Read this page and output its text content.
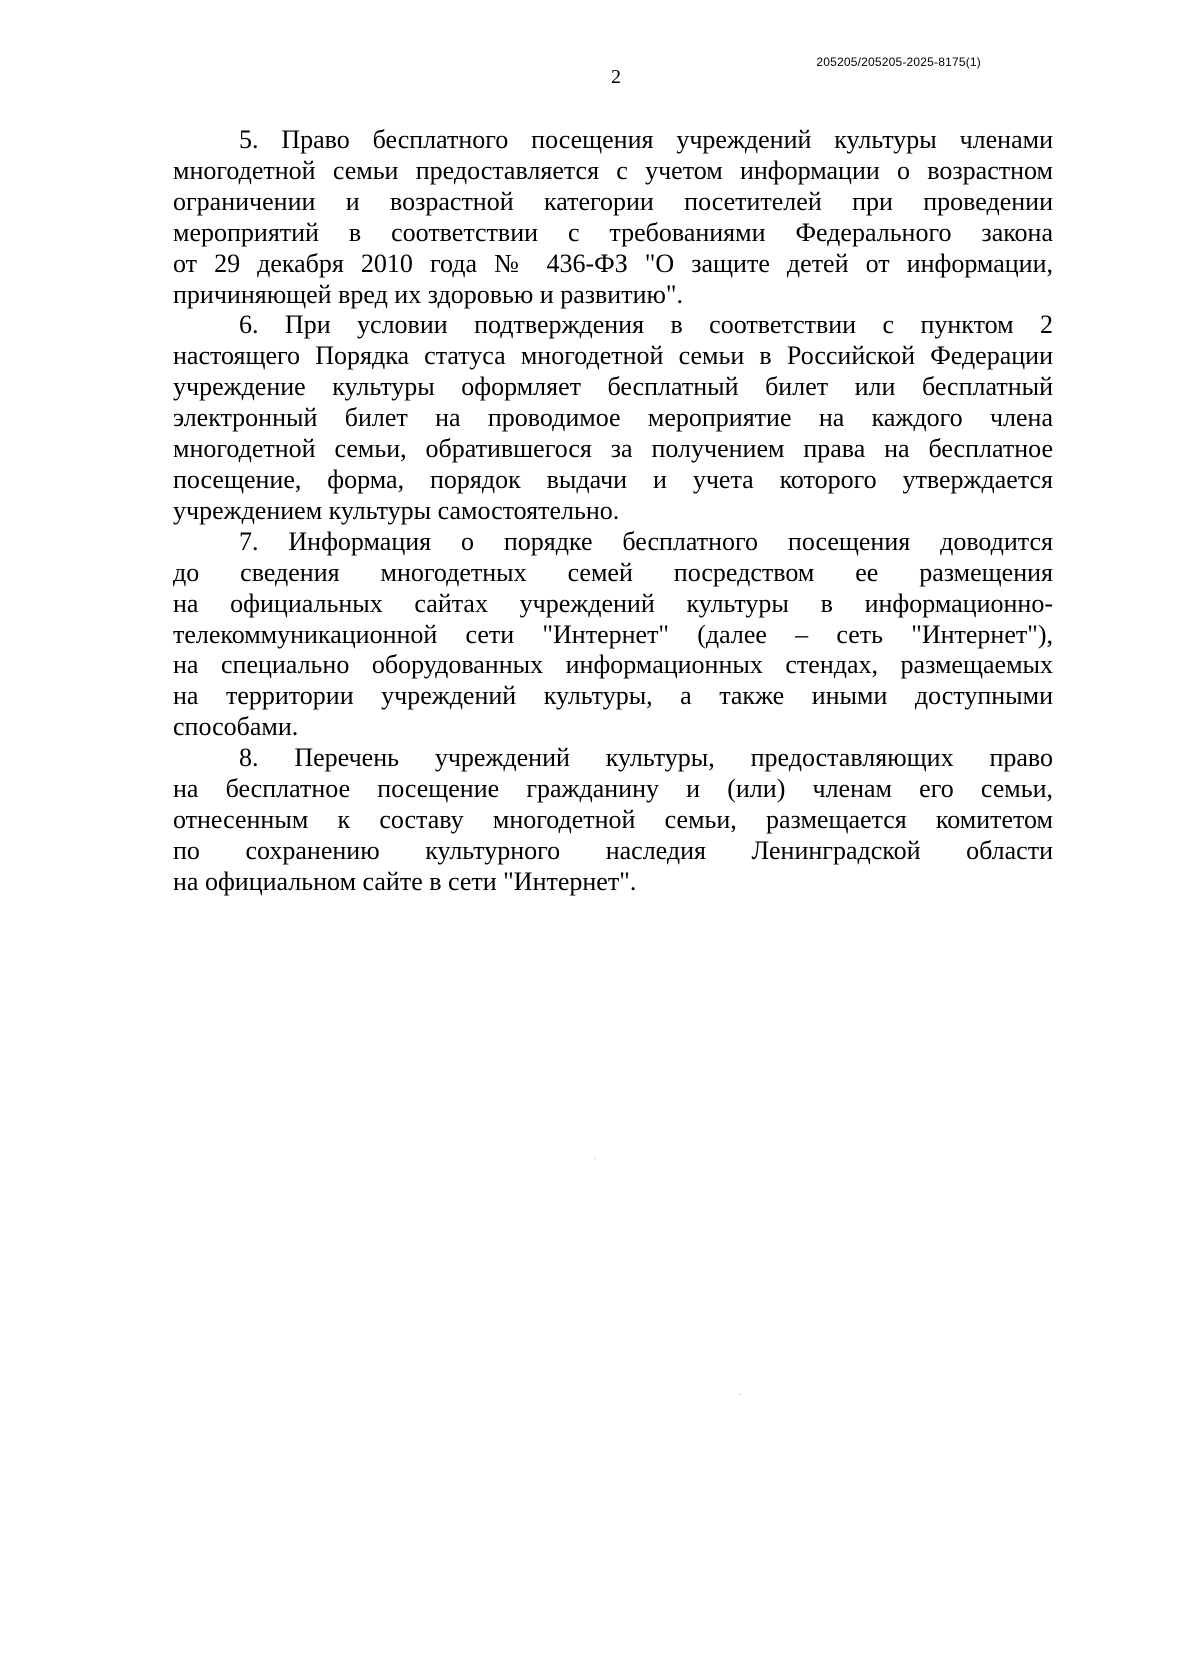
205205/205205-2025-8175(1)
2

5. Право бесплатного посещения учреждений культуры членами
многодетной семьи предоставляется с учетом информации о возрастном
ограничении и возрастной категории посетителей при проведении
мероприятий в соответствии с требованиями Федерального закона
от 29 декабря 2010 года № 436-ФЗ "О защите детей от информации,
причиняющей вред их здоровью и развитию".

6. При условии подтверждения в соответствии с пунктом 2
настоящего Порядка статуса многодетной семьи в Российской Федерации
учреждение культуры оформляет бесплатный билет или бесплатный
электронный билет на проводимое мероприятие на каждого члена
многодетной семьи, обратившегося за получением права на бесплатное
посещение, форма, порядок выдачи и учета которого утверждается
учреждением культуры самостоятельно.

7. Информация о порядке бесплатного посещения доводится
до сведения многодетных семей посредством ее размещения
на официальных сайтах учреждений культуры в информационно-
телекоммуникационной сети "Интернет" (далее – сеть "Интернет"),
на специально оборудованных информационных стендах, размещаемых
на территории учреждений культуры, а также иными доступными
способами.

8. Перечень учреждений культуры, предоставляющих право
на бесплатное посещение гражданину и (или) членам его семьи,
отнесенным к составу многодетной семьи, размещается комитетом
по сохранению культурного наследия Ленинградской области
на официальном сайте в сети "Интернет".
